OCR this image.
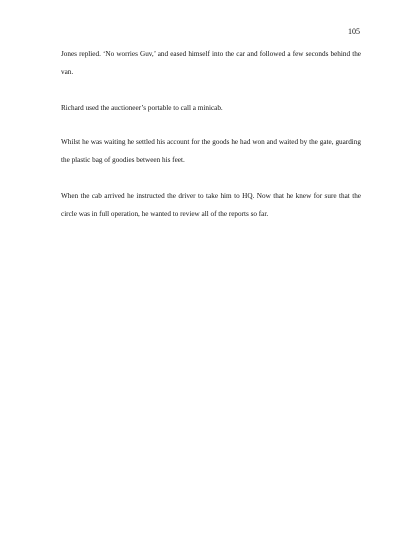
105

Jones replied. ‘No worries Guv,’ and eased himself into the car and followed a few seconds behind the van.

Richard used the auctioneer’s portable to call a minicab.

Whilst he was waiting he settled his account for the goods he had won and waited by the gate, guarding the plastic bag of goodies between his feet.

When the cab arrived he instructed the driver to take him to HQ. Now that he knew for sure that the circle was in full operation, he wanted to review all of the reports so far.
